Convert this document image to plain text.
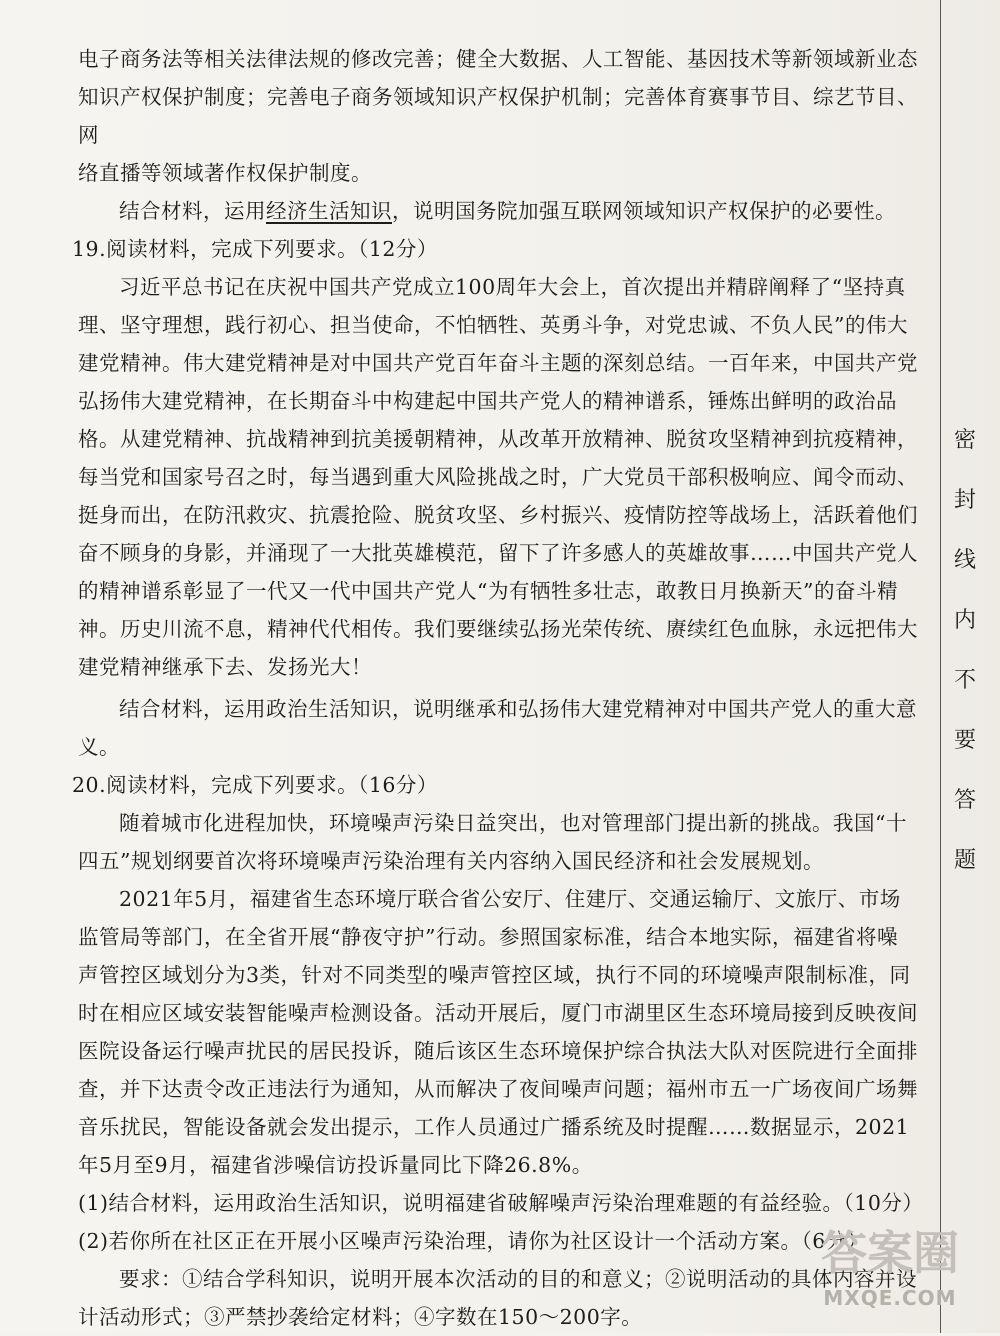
电子商务法等相关法律法规的修改完善；健全大数据、人工智能、基因技术等新领域新业态

知识产权保护制度；完善电子商务领域知识产权保护机制；完善体育赛事节目、综艺节目、网

络直播等领域著作权保护制度。

结合材料，运用经济生活知识，说明国务院加强互联网领域知识产权保护的必要性。

19.阅读材料，完成下列要求。（12分）

习近平总书记在庆祝中国共产党成立100周年大会上，首次提出并精辟阐释了“坚持真理、坚守理想，践行初心、担当使命，不怕牺牲、英勇斗争，对党忠诚、不负人民”的伟大建党精神。伟大建党精神是对中国共产党百年奋斗主题的深刻总结。一百年来，中国共产党弘扬伟大建党精神，在长期奋斗中构建起中国共产党人的精神谱系，锤炼出鲜明的政治品格。从建党精神、抗战精神到抗美援朝精神，从改革开放精神、脱贫攻坚精神到抗疫精神，每当党和国家号召之时，每当遇到重大风险挑战之时，广大党员干部积极响应、闻令而动、挺身而出，在防汛救灾、抗震抢险、脱贫攻坚、乡村振兴、疫情防控等战场上，活跃着他们奋不顾身的身影，并涌现了一大批英雄模范，留下了许多感人的英雄故事……中国共产党人的精神谱系彰显了一代又一代中国共产党人“为有牺牲多壮志，敢教日月换新天”的奋斗精神。历史川流不息，精神代代相传。我们要继续弘扬光荣传统、赓续红色血脉，永远把伟大建党精神继承下去、发扬光大！

结合材料，运用政治生活知识，说明继承和弘扬伟大建党精神对中国共产党人的重大意义。

20.阅读材料，完成下列要求。（16分）

随着城市化进程加快，环境噪声污染日益突出，也对管理部门提出新的挑战。我国“十四五”规划纲要首次将环境噪声污染治理有关内容纳入国民经济和社会发展规划。

2021年5月，福建省生态环境厅联合省公安厅、住建厅、交通运输厅、文旅厅、市场监管局等部门，在全省开展“静夜守护”行动。参照国家标准，结合本地实际，福建省将噪声管控区域划分为3类，针对不同类型的噪声管控区域，执行不同的环境噪声限制标准，同时在相应区域安装智能噪声检测设备。活动开展后，厦门市湖里区生态环境局接到反映夜间医院设备运行噪声扰民的居民投诉，随后该区生态环境保护综合执法大队对医院进行全面排查，并下达责令改正违法行为通知，从而解决了夜间噪声问题；福州市五一广场夜间广场舞音乐扰民，智能设备就会发出提示，工作人员通过广播系统及时提醒……数据显示，2021年5月至9月，福建省涉噪信访投诉量同比下降26.8%。

(1)结合材料，运用政治生活知识，说明福建省破解噪声污染治理难题的有益经验。（10分）

(2)若你所在社区正在开展小区噪声污染治理，请你为社区设计一个活动方案。（6分）

要求：①结合学科知识，说明开展本次活动的目的和意义；②说明活动的具体内容并设计活动形式；③严禁抄袭给定材料；④字数在150～200字。

密
封
线
内
不
要
答
题
答案圈
MXQE.COM
